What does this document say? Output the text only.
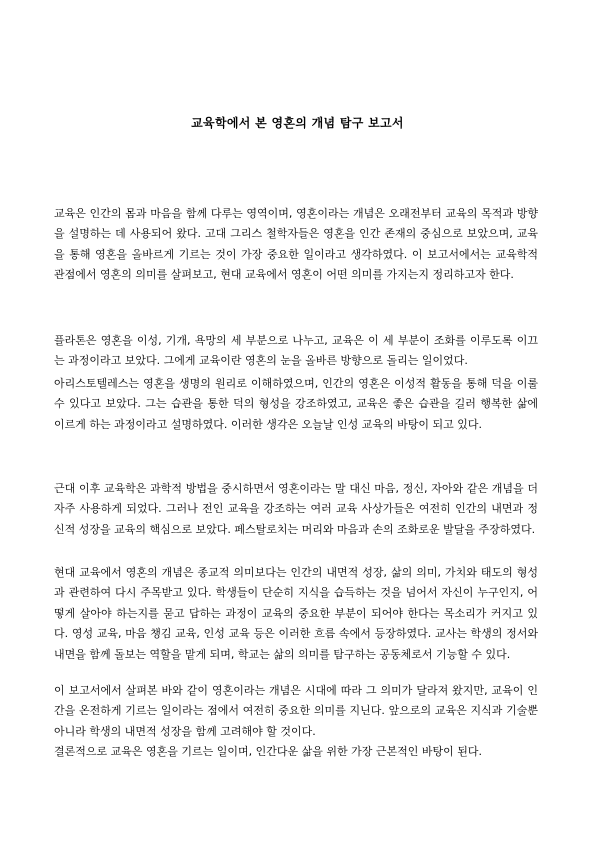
교육학에서 본 영혼의 개념 탐구 보고서

교육은 인간의 몸과 마음을 함께 다루는 영역이며, 영혼이라는 개념은 오래전부터 교육의 목적과 방향을 설명하는 데 사용되어 왔다. 고대 그리스 철학자들은 영혼을 인간 존재의 중심으로 보았으며, 교육을 통해 영혼을 올바르게 기르는 것이 가장 중요한 일이라고 생각하였다. 이 보고서에서는 교육학적 관점에서 영혼의 의미를 살펴보고, 현대 교육에서 영혼이 어떤 의미를 가지는지 정리하고자 한다.

플라톤은 영혼을 이성, 기개, 욕망의 세 부분으로 나누고, 교육은 이 세 부분이 조화를 이루도록 이끄는 과정이라고 보았다. 그에게 교육이란 영혼의 눈을 올바른 방향으로 돌리는 일이었다.

아리스토텔레스는 영혼을 생명의 원리로 이해하였으며, 인간의 영혼은 이성적 활동을 통해 덕을 이룰 수 있다고 보았다. 그는 습관을 통한 덕의 형성을 강조하였고, 교육은 좋은 습관을 길러 행복한 삶에 이르게 하는 과정이라고 설명하였다. 이러한 생각은 오늘날 인성 교육의 바탕이 되고 있다.

근대 이후 교육학은 과학적 방법을 중시하면서 영혼이라는 말 대신 마음, 정신, 자아와 같은 개념을 더 자주 사용하게 되었다. 그러나 전인 교육을 강조하는 여러 교육 사상가들은 여전히 인간의 내면과 정신적 성장을 교육의 핵심으로 보았다. 페스탈로치는 머리와 마음과 손의 조화로운 발달을 주장하였다.

현대 교육에서 영혼의 개념은 종교적 의미보다는 인간의 내면적 성장, 삶의 의미, 가치와 태도의 형성과 관련하여 다시 주목받고 있다. 학생들이 단순히 지식을 습득하는 것을 넘어서 자신이 누구인지, 어떻게 살아야 하는지를 묻고 답하는 과정이 교육의 중요한 부분이 되어야 한다는 목소리가 커지고 있다. 영성 교육, 마음 챙김 교육, 인성 교육 등은 이러한 흐름 속에서 등장하였다. 교사는 학생의 정서와 내면을 함께 돌보는 역할을 맡게 되며, 학교는 삶의 의미를 탐구하는 공동체로서 기능할 수 있다.

이 보고서에서 살펴본 바와 같이 영혼이라는 개념은 시대에 따라 그 의미가 달라져 왔지만, 교육이 인간을 온전하게 기르는 일이라는 점에서 여전히 중요한 의미를 지닌다. 앞으로의 교육은 지식과 기술뿐 아니라 학생의 내면적 성장을 함께 고려해야 할 것이다.

결론적으로 교육은 영혼을 기르는 일이며, 인간다운 삶을 위한 가장 근본적인 바탕이 된다.
